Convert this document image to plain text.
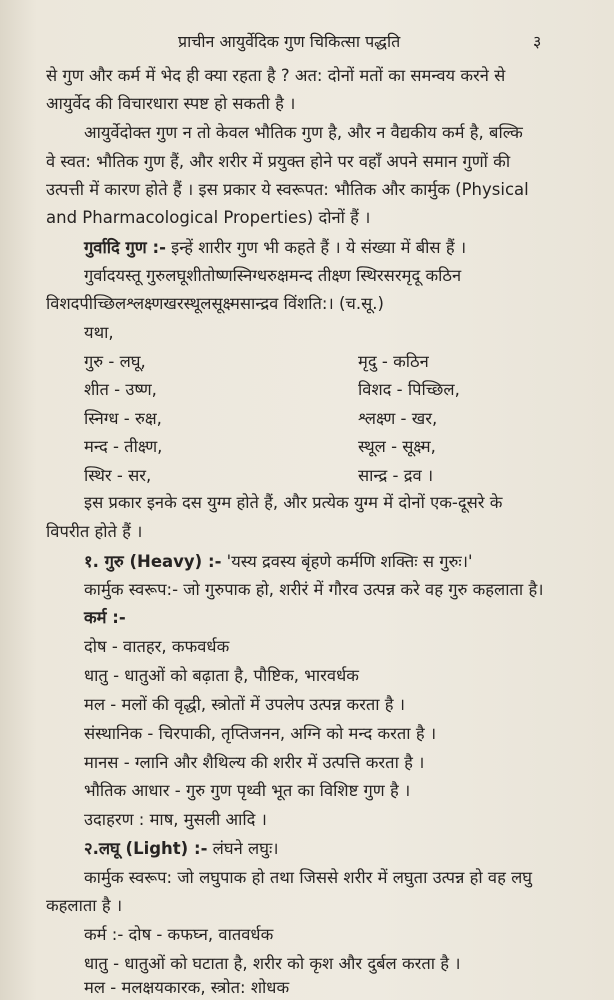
प्राचीन आयुर्वेदिक गुण चिकित्सा पद्धति	३
से गुण और कर्म में भेद ही क्या रहता है ? अत: दोनों मतों का समन्वय करने से
आयुर्वेद की विचारधारा स्पष्ट हो सकती है ।
आयुर्वेदोक्त गुण न तो केवल भौतिक गुण है, और न वैद्यकीय कर्म है, बल्कि
वे स्वत: भौतिक गुण हैं, और शरीर में प्रयुक्त होने पर वहाँ अपने समान गुणों की
उत्पत्ती में कारण होते हैं । इस प्रकार ये स्वरूपत: भौतिक और कार्मुक (Physical
and Pharmacological Properties) दोनों हैं ।
गुर्वादि गुण :- इन्हें शारीर गुण भी कहते हैं । ये संख्या में बीस हैं ।
गुर्वादयस्तू गुरुलघूशीतोष्णस्निग्धरुक्षमन्द तीक्ष्ण स्थिरसरमृदू कठिन
विशदपीच्छिलश्लक्ष्णखरस्थूलसूक्ष्मसान्द्रव विंशति:। (च.सू.)
यथा,
गुरु - लघू,	मृदु - कठिन
शीत - उष्ण,	विशद - पिच्छिल,
स्निग्ध - रुक्ष,	श्लक्ष्ण - खर,
मन्द - तीक्ष्ण,	स्थूल - सूक्ष्म,
स्थिर - सर,	सान्द्र - द्रव ।
इस प्रकार इनके दस युग्म होते हैं, और प्रत्येक युग्म में दोनों एक-दूसरे के
विपरीत होते हैं ।
१. गुरु (Heavy) :- 'यस्य द्रवस्य बृंहणे कर्मणि शक्तिः स गुरुः।'
कार्मुक स्वरूप:- जो गुरुपाक हो, शरीरं में गौरव उत्पन्न करे वह गुरु कहलाता है।
कर्म :-
दोष - वातहर, कफवर्धक
धातु - धातुओं को बढ़ाता है, पौष्टिक, भारवर्धक
मल - मलों की वृद्धी, स्त्रोतों में उपलेप उत्पन्न करता है ।
संस्थानिक - चिरपाकी, तृप्तिजनन, अग्नि को मन्द करता है ।
मानस - ग्लानि और शैथिल्य की शरीर में उत्पत्ति करता है ।
भौतिक आधार - गुरु गुण पृथ्वी भूत का विशिष्ट गुण है ।
उदाहरण : माष, मुसली आदि ।
२.लघू (Light) :- लंघने लघुः।
कार्मुक स्वरूप: जो लघुपाक हो तथा जिससे शरीर में लघुता उत्पन्न हो वह लघु
कहलाता है ।
कर्म :- दोष - कफघ्न, वातवर्धक
धातु - धातुओं को घटाता है, शरीर को कृश और दुर्बल करता है ।
मल - मलक्षयकारक, स्त्रोत: शोधक
